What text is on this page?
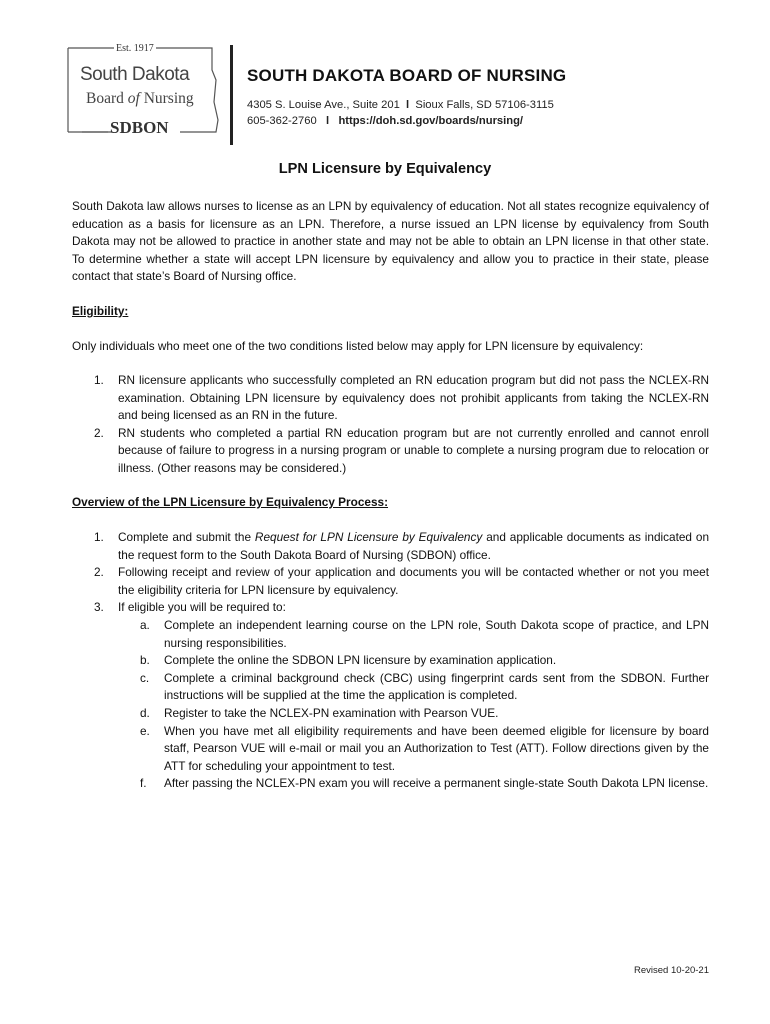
Est. 1917
South Dakota
Board of Nursing
SDBON
SOUTH DAKOTA BOARD OF NURSING
4305 S. Louise Ave., Suite 201 l Sioux Falls, SD 57106-3115
605-362-2760 l https://doh.sd.gov/boards/nursing/
LPN Licensure by Equivalency
South Dakota law allows nurses to license as an LPN by equivalency of education. Not all states recognize equivalency of education as a basis for licensure as an LPN. Therefore, a nurse issued an LPN license by equivalency from South Dakota may not be allowed to practice in another state and may not be able to obtain an LPN license in that other state. To determine whether a state will accept LPN licensure by equivalency and allow you to practice in their state, please contact that state’s Board of Nursing office.
Eligibility:
Only individuals who meet one of the two conditions listed below may apply for LPN licensure by equivalency:
1. RN licensure applicants who successfully completed an RN education program but did not pass the NCLEX-RN examination. Obtaining LPN licensure by equivalency does not prohibit applicants from taking the NCLEX-RN and being licensed as an RN in the future.
2. RN students who completed a partial RN education program but are not currently enrolled and cannot enroll because of failure to progress in a nursing program or unable to complete a nursing program due to relocation or illness. (Other reasons may be considered.)
Overview of the LPN Licensure by Equivalency Process:
1. Complete and submit the Request for LPN Licensure by Equivalency and applicable documents as indicated on the request form to the South Dakota Board of Nursing (SDBON) office.
2. Following receipt and review of your application and documents you will be contacted whether or not you meet the eligibility criteria for LPN licensure by equivalency.
3. If eligible you will be required to:
a. Complete an independent learning course on the LPN role, South Dakota scope of practice, and LPN nursing responsibilities.
b. Complete the online the SDBON LPN licensure by examination application.
c. Complete a criminal background check (CBC) using fingerprint cards sent from the SDBON. Further instructions will be supplied at the time the application is completed.
d. Register to take the NCLEX-PN examination with Pearson VUE.
e. When you have met all eligibility requirements and have been deemed eligible for licensure by board staff, Pearson VUE will e-mail or mail you an Authorization to Test (ATT). Follow directions given by the ATT for scheduling your appointment to test.
f. After passing the NCLEX-PN exam you will receive a permanent single-state South Dakota LPN license.
Revised 10-20-21
